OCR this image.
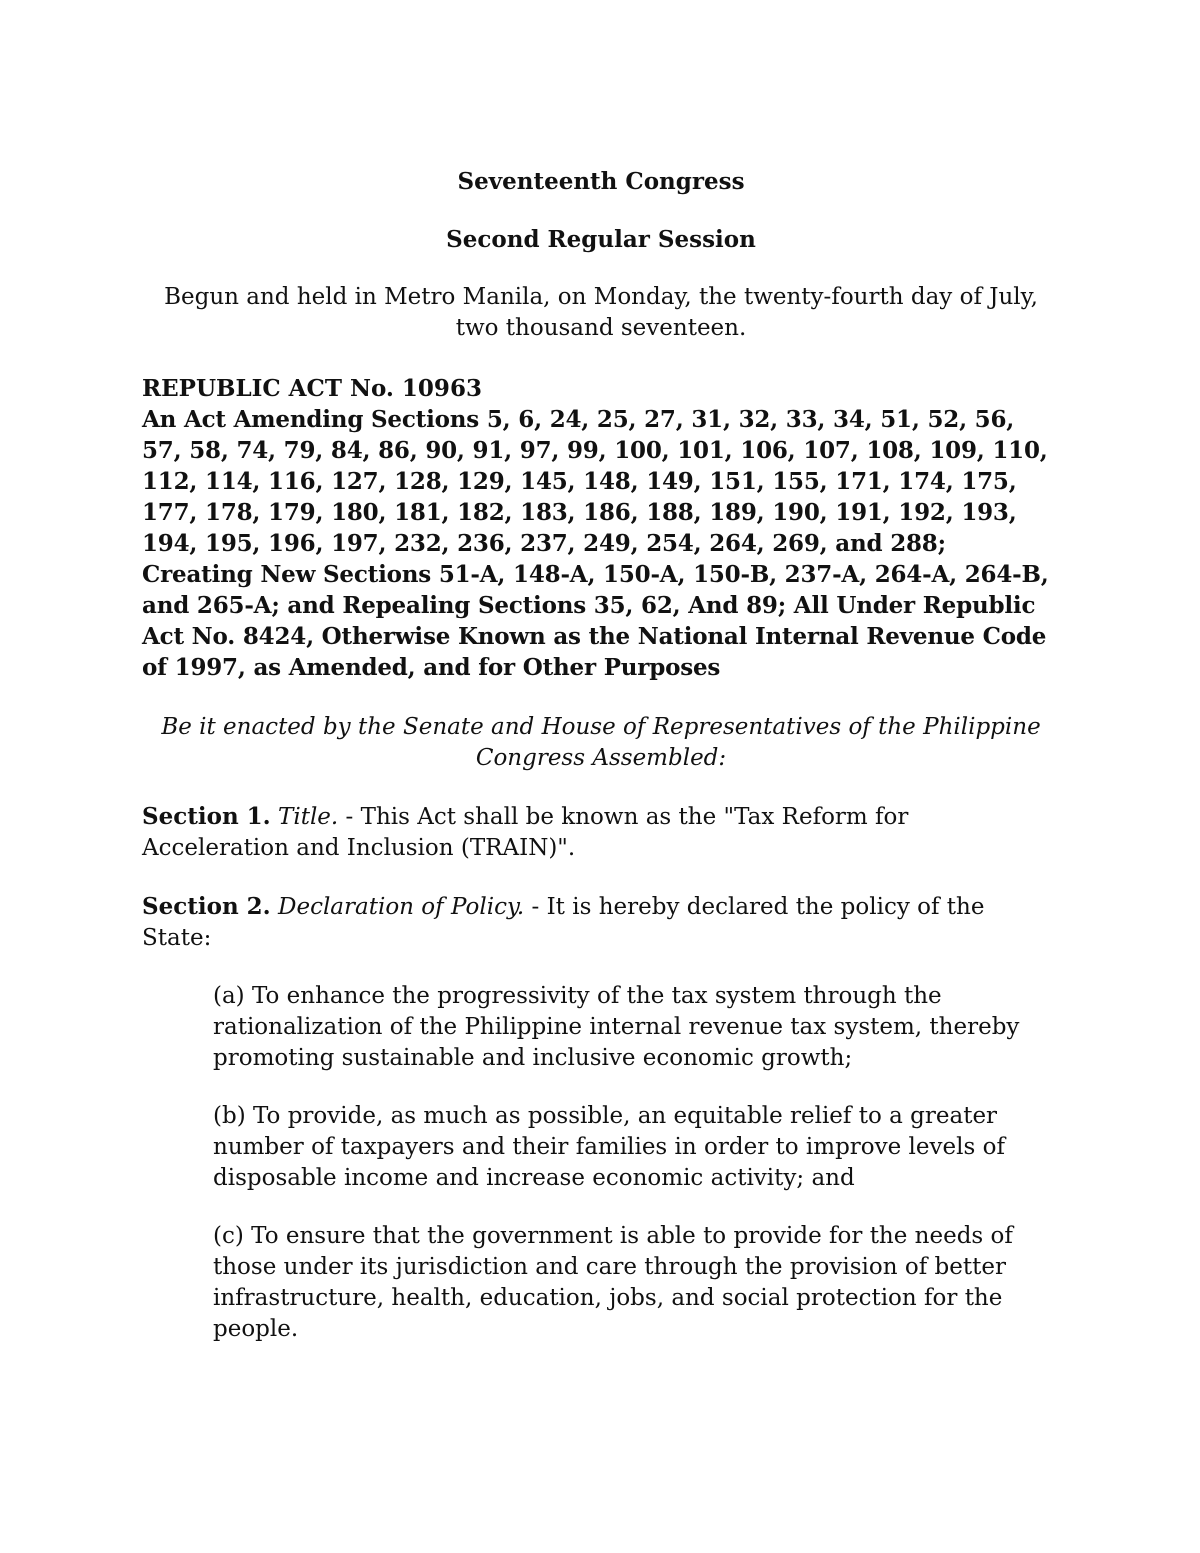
Seventeenth Congress

Second Regular Session

Begun and held in Metro Manila, on Monday, the twenty-fourth day of July, two thousand seventeen.

REPUBLIC ACT No. 10963

An Act Amending Sections 5, 6, 24, 25, 27, 31, 32, 33, 34, 51, 52, 56, 57, 58, 74, 79, 84, 86, 90, 91, 97, 99, 100, 101, 106, 107, 108, 109, 110, 112, 114, 116, 127, 128, 129, 145, 148, 149, 151, 155, 171, 174, 175, 177, 178, 179, 180, 181, 182, 183, 186, 188, 189, 190, 191, 192, 193, 194, 195, 196, 197, 232, 236, 237, 249, 254, 264, 269, and 288; Creating New Sections 51-A, 148-A, 150-A, 150-B, 237-A, 264-A, 264-B, and 265-A; and Repealing Sections 35, 62, And 89; All Under Republic Act No. 8424, Otherwise Known as the National Internal Revenue Code of 1997, as Amended, and for Other Purposes

Be it enacted by the Senate and House of Representatives of the Philippine Congress Assembled:

Section 1. Title. - This Act shall be known as the "Tax Reform for Acceleration and Inclusion (TRAIN)".

Section 2. Declaration of Policy. - It is hereby declared the policy of the State:

(a) To enhance the progressivity of the tax system through the rationalization of the Philippine internal revenue tax system, thereby promoting sustainable and inclusive economic growth;

(b) To provide, as much as possible, an equitable relief to a greater number of taxpayers and their families in order to improve levels of disposable income and increase economic activity; and

(c) To ensure that the government is able to provide for the needs of those under its jurisdiction and care through the provision of better infrastructure, health, education, jobs, and social protection for the people.
